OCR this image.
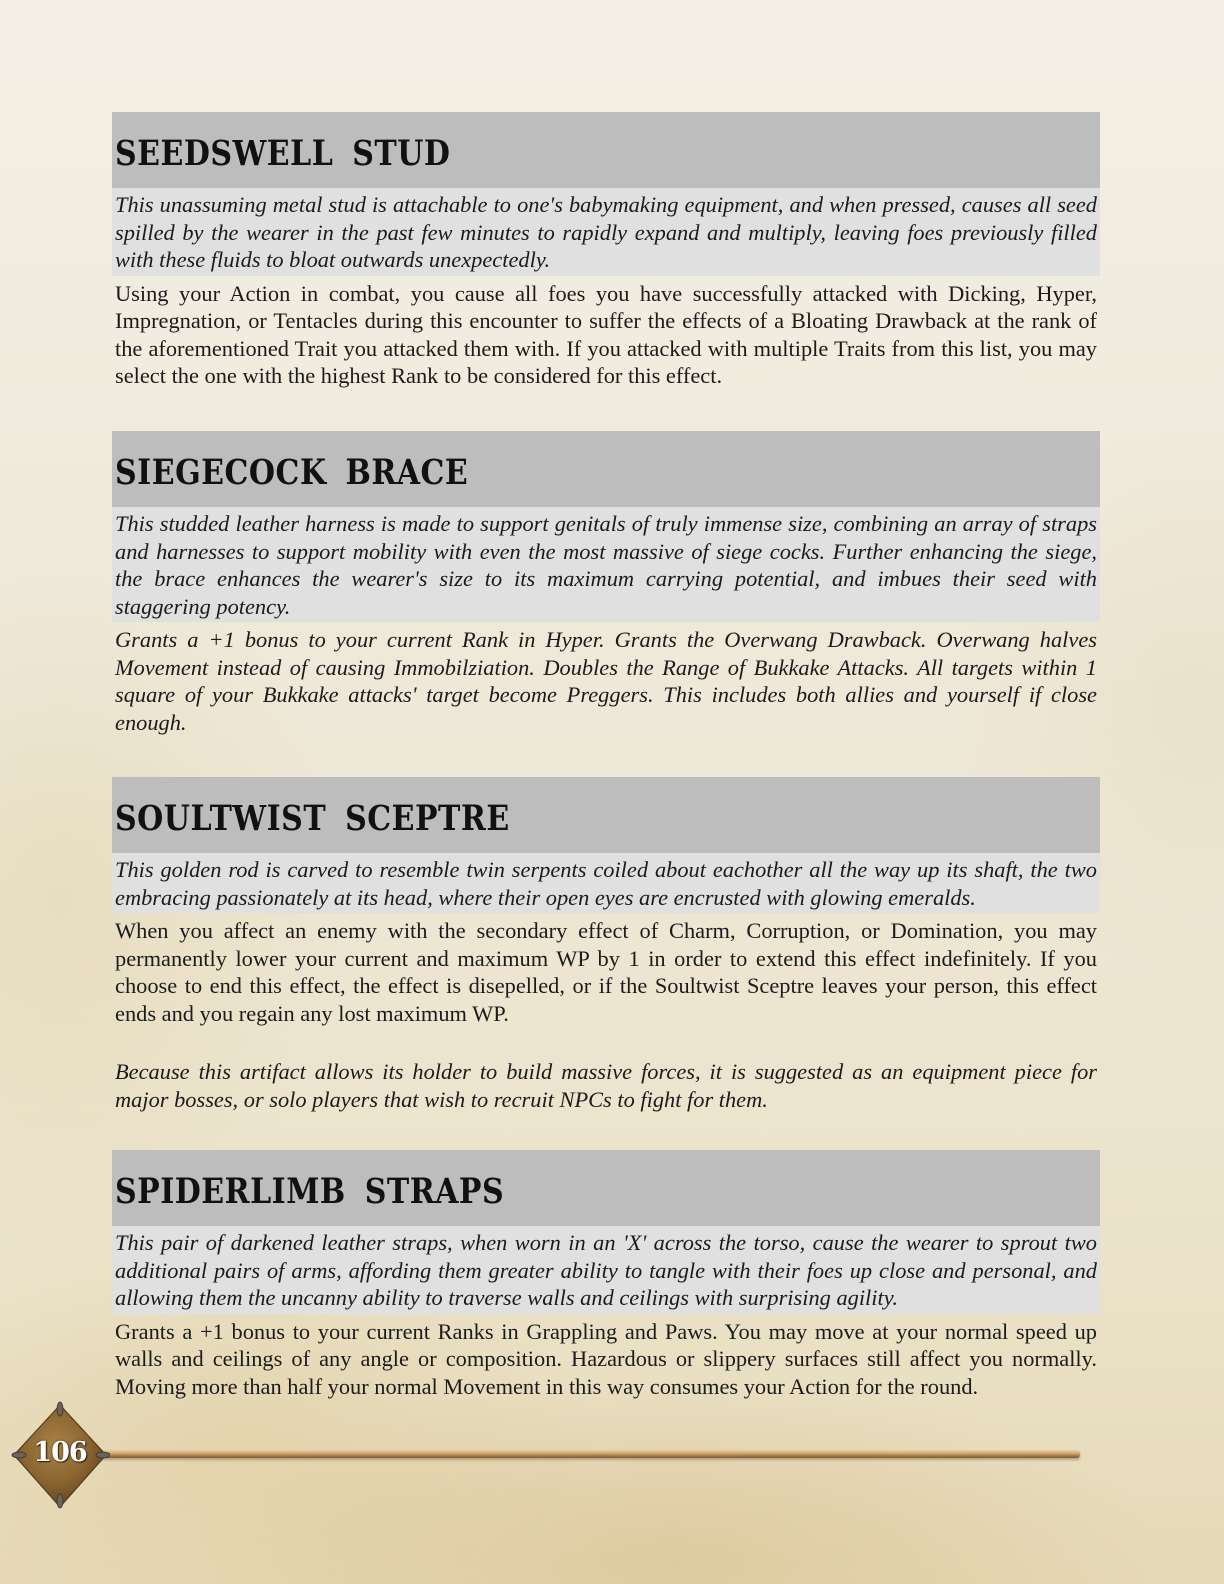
SEEDSWELL STUD

This unassuming metal stud is attachable to one's babymaking equipment, and when pressed, causes all seed spilled by the wearer in the past few minutes to rapidly expand and multiply, leaving foes previously filled with these fluids to bloat outwards unexpectedly.

Using your Action in combat, you cause all foes you have successfully attacked with Dicking, Hyper, Impregnation, or Tentacles during this encounter to suffer the effects of a Bloating Drawback at the rank of the aforementioned Trait you attacked them with. If you attacked with multiple Traits from this list, you may select the one with the highest Rank to be considered for this effect.

SIEGECOCK BRACE

This studded leather harness is made to support genitals of truly immense size, combining an array of straps and harnesses to support mobility with even the most massive of siege cocks. Further enhancing the siege, the brace enhances the wearer's size to its maximum carrying potential, and imbues their seed with staggering potency.

Grants a +1 bonus to your current Rank in Hyper. Grants the Overwang Drawback. Overwang halves Movement instead of causing Immobilziation. Doubles the Range of Bukkake Attacks. All targets within 1 square of your Bukkake attacks' target become Preggers. This includes both allies and yourself if close enough.

SOULTWIST SCEPTRE

This golden rod is carved to resemble twin serpents coiled about eachother all the way up its shaft, the two embracing passionately at its head, where their open eyes are encrusted with glowing emeralds.

When you affect an enemy with the secondary effect of Charm, Corruption, or Domination, you may permanently lower your current and maximum WP by 1 in order to extend this effect indefinitely. If you choose to end this effect, the effect is disepelled, or if the Soultwist Sceptre leaves your person, this effect ends and you regain any lost maximum WP.

Because this artifact allows its holder to build massive forces, it is suggested as an equipment piece for major bosses, or solo players that wish to recruit NPCs to fight for them.

SPIDERLIMB STRAPS

This pair of darkened leather straps, when worn in an 'X' across the torso, cause the wearer to sprout two additional pairs of arms, affording them greater ability to tangle with their foes up close and personal, and allowing them the uncanny ability to traverse walls and ceilings with surprising agility.

Grants a +1 bonus to your current Ranks in Grappling and Paws. You may move at your normal speed up walls and ceilings of any angle or composition. Hazardous or slippery surfaces still affect you normally. Moving more than half your normal Movement in this way consumes your Action for the round.

106
